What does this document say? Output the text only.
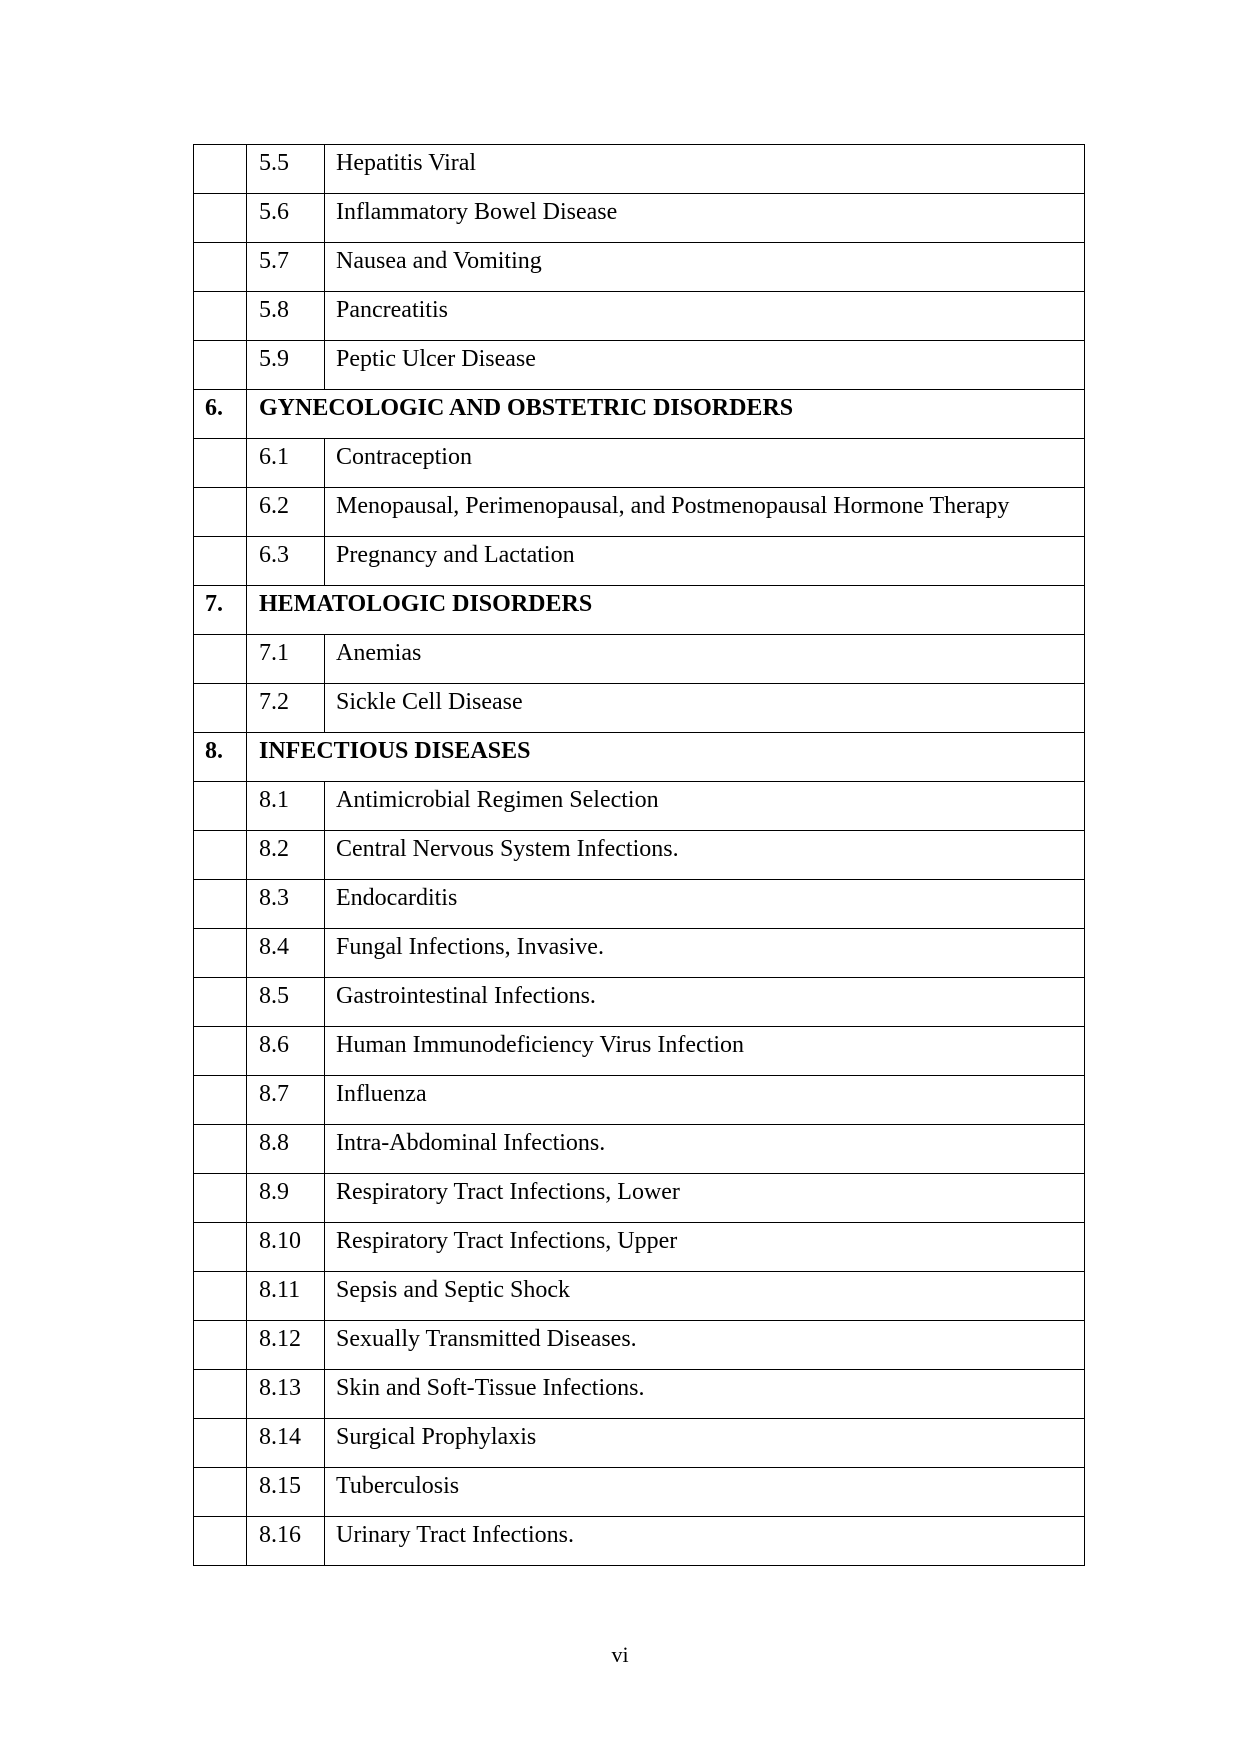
	5.5	Hepatitis Viral

	5.6	Inflammatory Bowel Disease

	5.7	Nausea and Vomiting

	5.8	Pancreatitis

	5.9	Peptic Ulcer Disease

6.	GYNECOLOGIC AND OBSTETRIC DISORDERS	

	6.1	Contraception

	6.2	Menopausal, Perimenopausal, and Postmenopausal Hormone Therapy

	6.3	Pregnancy and Lactation

7.	HEMATOLOGIC DISORDERS	

	7.1	Anemias

	7.2	Sickle Cell Disease

8.	INFECTIOUS DISEASES	

	8.1	Antimicrobial Regimen Selection

	8.2	Central Nervous System Infections.

	8.3	Endocarditis

	8.4	Fungal Infections, Invasive.

	8.5	Gastrointestinal Infections.

	8.6	Human Immunodeficiency Virus Infection

	8.7	Influenza

	8.8	Intra-Abdominal Infections.

	8.9	Respiratory Tract Infections, Lower

	8.10	Respiratory Tract Infections, Upper

	8.11	Sepsis and Septic Shock

	8.12	Sexually Transmitted Diseases.

	8.13	Skin and Soft-Tissue Infections.

	8.14	Surgical Prophylaxis

	8.15	Tuberculosis

	8.16	Urinary Tract Infections.
vi
